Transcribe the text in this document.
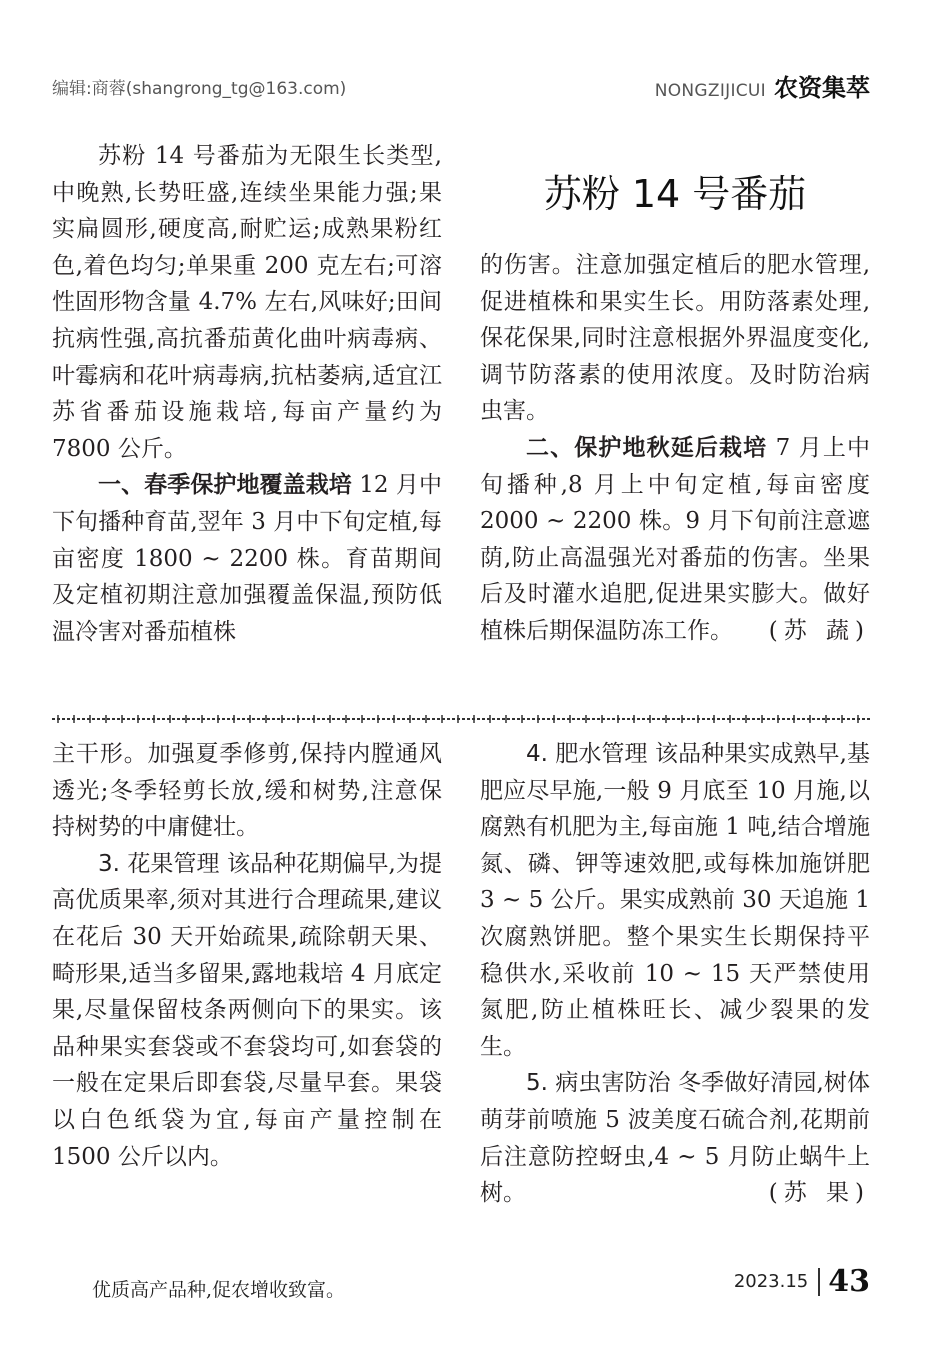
编辑:商蓉(shangrong_tg@163.com)	NONGZIJICUI 农资集萃

苏粉 14 号番茄为无限生长类型,中晚熟,长势旺盛,连续坐果能力强;果实扁圆形,硬度高,耐贮运;成熟果粉红色,着色均匀;单果重 200 克左右;可溶性固形物含量 4.7% 左右,风味好;田间抗病性强,高抗番茄黄化曲叶病毒病、叶霉病和花叶病毒病,抗枯萎病,适宜江苏省番茄设施栽培,每亩产量约为 7800 公斤。

一、春季保护地覆盖栽培 12 月中下旬播种育苗,翌年 3 月中下旬定植,每亩密度 1800 ~ 2200 株。育苗期间及定植初期注意加强覆盖保温,预防低温冷害对番茄植株

苏粉 14 号番茄

的伤害。注意加强定植后的肥水管理,促进植株和果实生长。用防落素处理,保花保果,同时注意根据外界温度变化,调节防落素的使用浓度。及时防治病虫害。

二、保护地秋延后栽培 7 月上中旬播种,8 月上中旬定植,每亩密度 2000 ~ 2200 株。9 月下旬前注意遮荫,防止高温强光对番茄的伤害。坐果后及时灌水追肥,促进果实膨大。做好植株后期保温防冻工作。 (苏 蔬)

主干形。加强夏季修剪,保持内膛通风透光;冬季轻剪长放,缓和树势,注意保持树势的中庸健壮。

3. 花果管理 该品种花期偏早,为提高优质果率,须对其进行合理疏果,建议在花后 30 天开始疏果,疏除朝天果、畸形果,适当多留果,露地栽培 4 月底定果,尽量保留枝条两侧向下的果实。该品种果实套袋或不套袋均可,如套袋的一般在定果后即套袋,尽量早套。果袋以白色纸袋为宜,每亩产量控制在 1500 公斤以内。

4. 肥水管理 该品种果实成熟早,基肥应尽早施,一般 9 月底至 10 月施,以腐熟有机肥为主,每亩施 1 吨,结合增施氮、磷、钾等速效肥,或每株加施饼肥 3 ~ 5 公斤。果实成熟前 30 天追施 1 次腐熟饼肥。整个果实生长期保持平稳供水,采收前 10 ~ 15 天严禁使用氮肥,防止植株旺长、减少裂果的发生。

5. 病虫害防治 冬季做好清园,树体萌芽前喷施 5 波美度石硫合剂,花期前后注意防控蚜虫,4 ~ 5 月防止蜗牛上树。	(苏 果)

优质高产品种,促农增收致富。	2023.15 43
